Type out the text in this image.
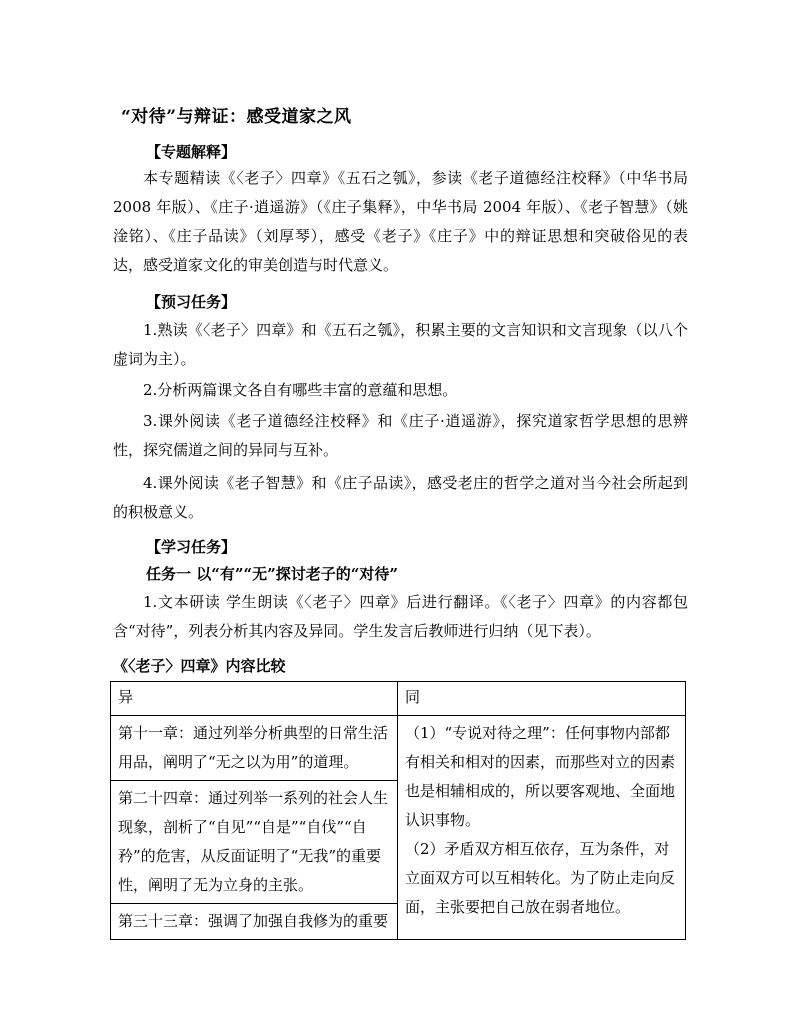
“对待”与辩证：感受道家之风
【专题解释】
本专题精读《〈老子〉四章》《五石之瓠》，参读《老子道德经注校释》（中华书局 2008 年版）、《庄子·逍遥游》（《庄子集释》，中华书局 2004 年版）、《老子智慧》（姚淦铭）、《庄子品读》（刘厚琴），感受《老子》《庄子》中的辩证思想和突破俗见的表达，感受道家文化的审美创造与时代意义。
【预习任务】
1.熟读《〈老子〉四章》和《五石之瓠》，积累主要的文言知识和文言现象（以八个虚词为主）。
2.分析两篇课文各自有哪些丰富的意蕴和思想。
3.课外阅读《老子道德经注校释》和《庄子·逍遥游》，探究道家哲学思想的思辨性，探究儒道之间的异同与互补。
4.课外阅读《老子智慧》和《庄子品读》，感受老庄的哲学之道对当今社会所起到的积极意义。
【学习任务】
任务一 以“有”“无”探讨老子的“对待”
1.文本研读 学生朗读《〈老子〉四章》后进行翻译。《〈老子〉四章》的内容都包含“对待”，列表分析其内容及异同。学生发言后教师进行归纳（见下表）。
《〈老子〉四章》内容比较
异	同

第十一章：通过列举分析典型的日常生活用品，阐明了“无之以为用”的道理。	（1）“专说对待之理”：任何事物内部都有相关和相对的因素，而那些对立的因素也是相辅相成的，所以要客观地、全面地认识事物。
（2）矛盾双方相互依存，互为条件，对立面双方可以互相转化。为了防止走向反面，主张要把自己放在弱者地位。

第二十四章：通过列举一系列的社会人生现象，剖析了“自见”“自是”“自伐”“自矜”的危害，从反面证明了“无我”的重要性，阐明了无为立身的主张。	

第三十三章：强调了加强自我修为的重要	
